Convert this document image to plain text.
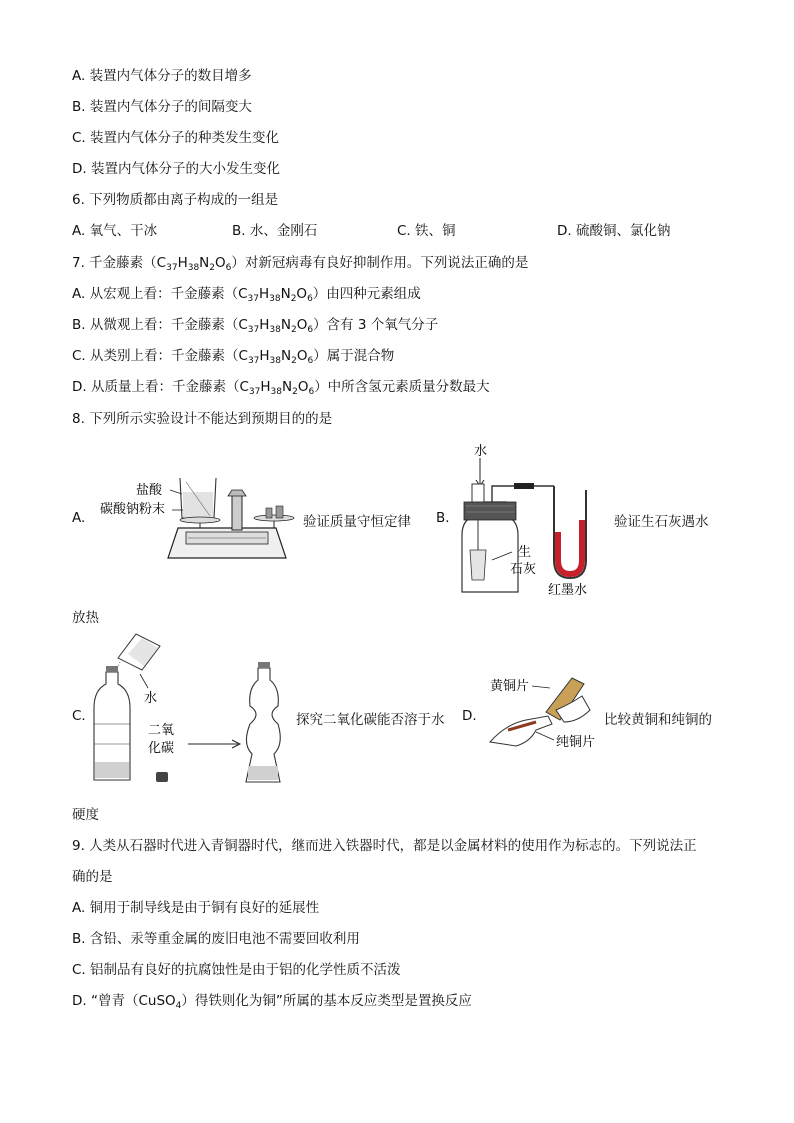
A. 装置内气体分子的数目增多
B. 装置内气体分子的间隔变大
C. 装置内气体分子的种类发生变化
D. 装置内气体分子的大小发生变化
6. 下列物质都由离子构成的一组是
A. 氧气、干冰	B. 水、金刚石	C. 铁、铜	D. 硫酸铜、氯化钠
7. 千金藤素$(C_{37}H_{38}N_2O_6)$对新冠病毒有良好抑制作用。下列说法正确的是
A. 从宏观上看：千金藤素$(C_{37}H_{38}N_2O_6)$由四种元素组成
B. 从微观上看：千金藤素$(C_{37}H_{38}N_2O_6)$含有 3 个氧气分子
C. 从类别上看：千金藤素$(C_{37}H_{38}N_2O_6)$属于混合物
D. 从质量上看：千金藤素$(C_{37}H_{38}N_2O_6)$中所含氢元素质量分数最大
8. 下列所示实验设计不能达到预期目的的是
A.
盐酸
碳酸钠粉末
验证质量守恒定律 B.
水
生
石灰
红墨水
验证生石灰遇水
放热
C.
水
二氧
化碳
探究二氧化碳能否溶于水 D.
黄铜片
纯铜片
比较黄铜和纯铜的
硬度
9. 人类从石器时代进入青铜器时代，继而进入铁器时代，都是以金属材料的使用作为标志的。下列说法正
确的是
A. 铜用于制导线是由于铜有良好的延展性
B. 含铅、汞等重金属的废旧电池不需要回收利用
C. 铝制品有良好的抗腐蚀性是由于铝的化学性质不活泼
D. “曾青（CuSO$_4$）得铁则化为铜”所属的基本反应类型是置换反应
